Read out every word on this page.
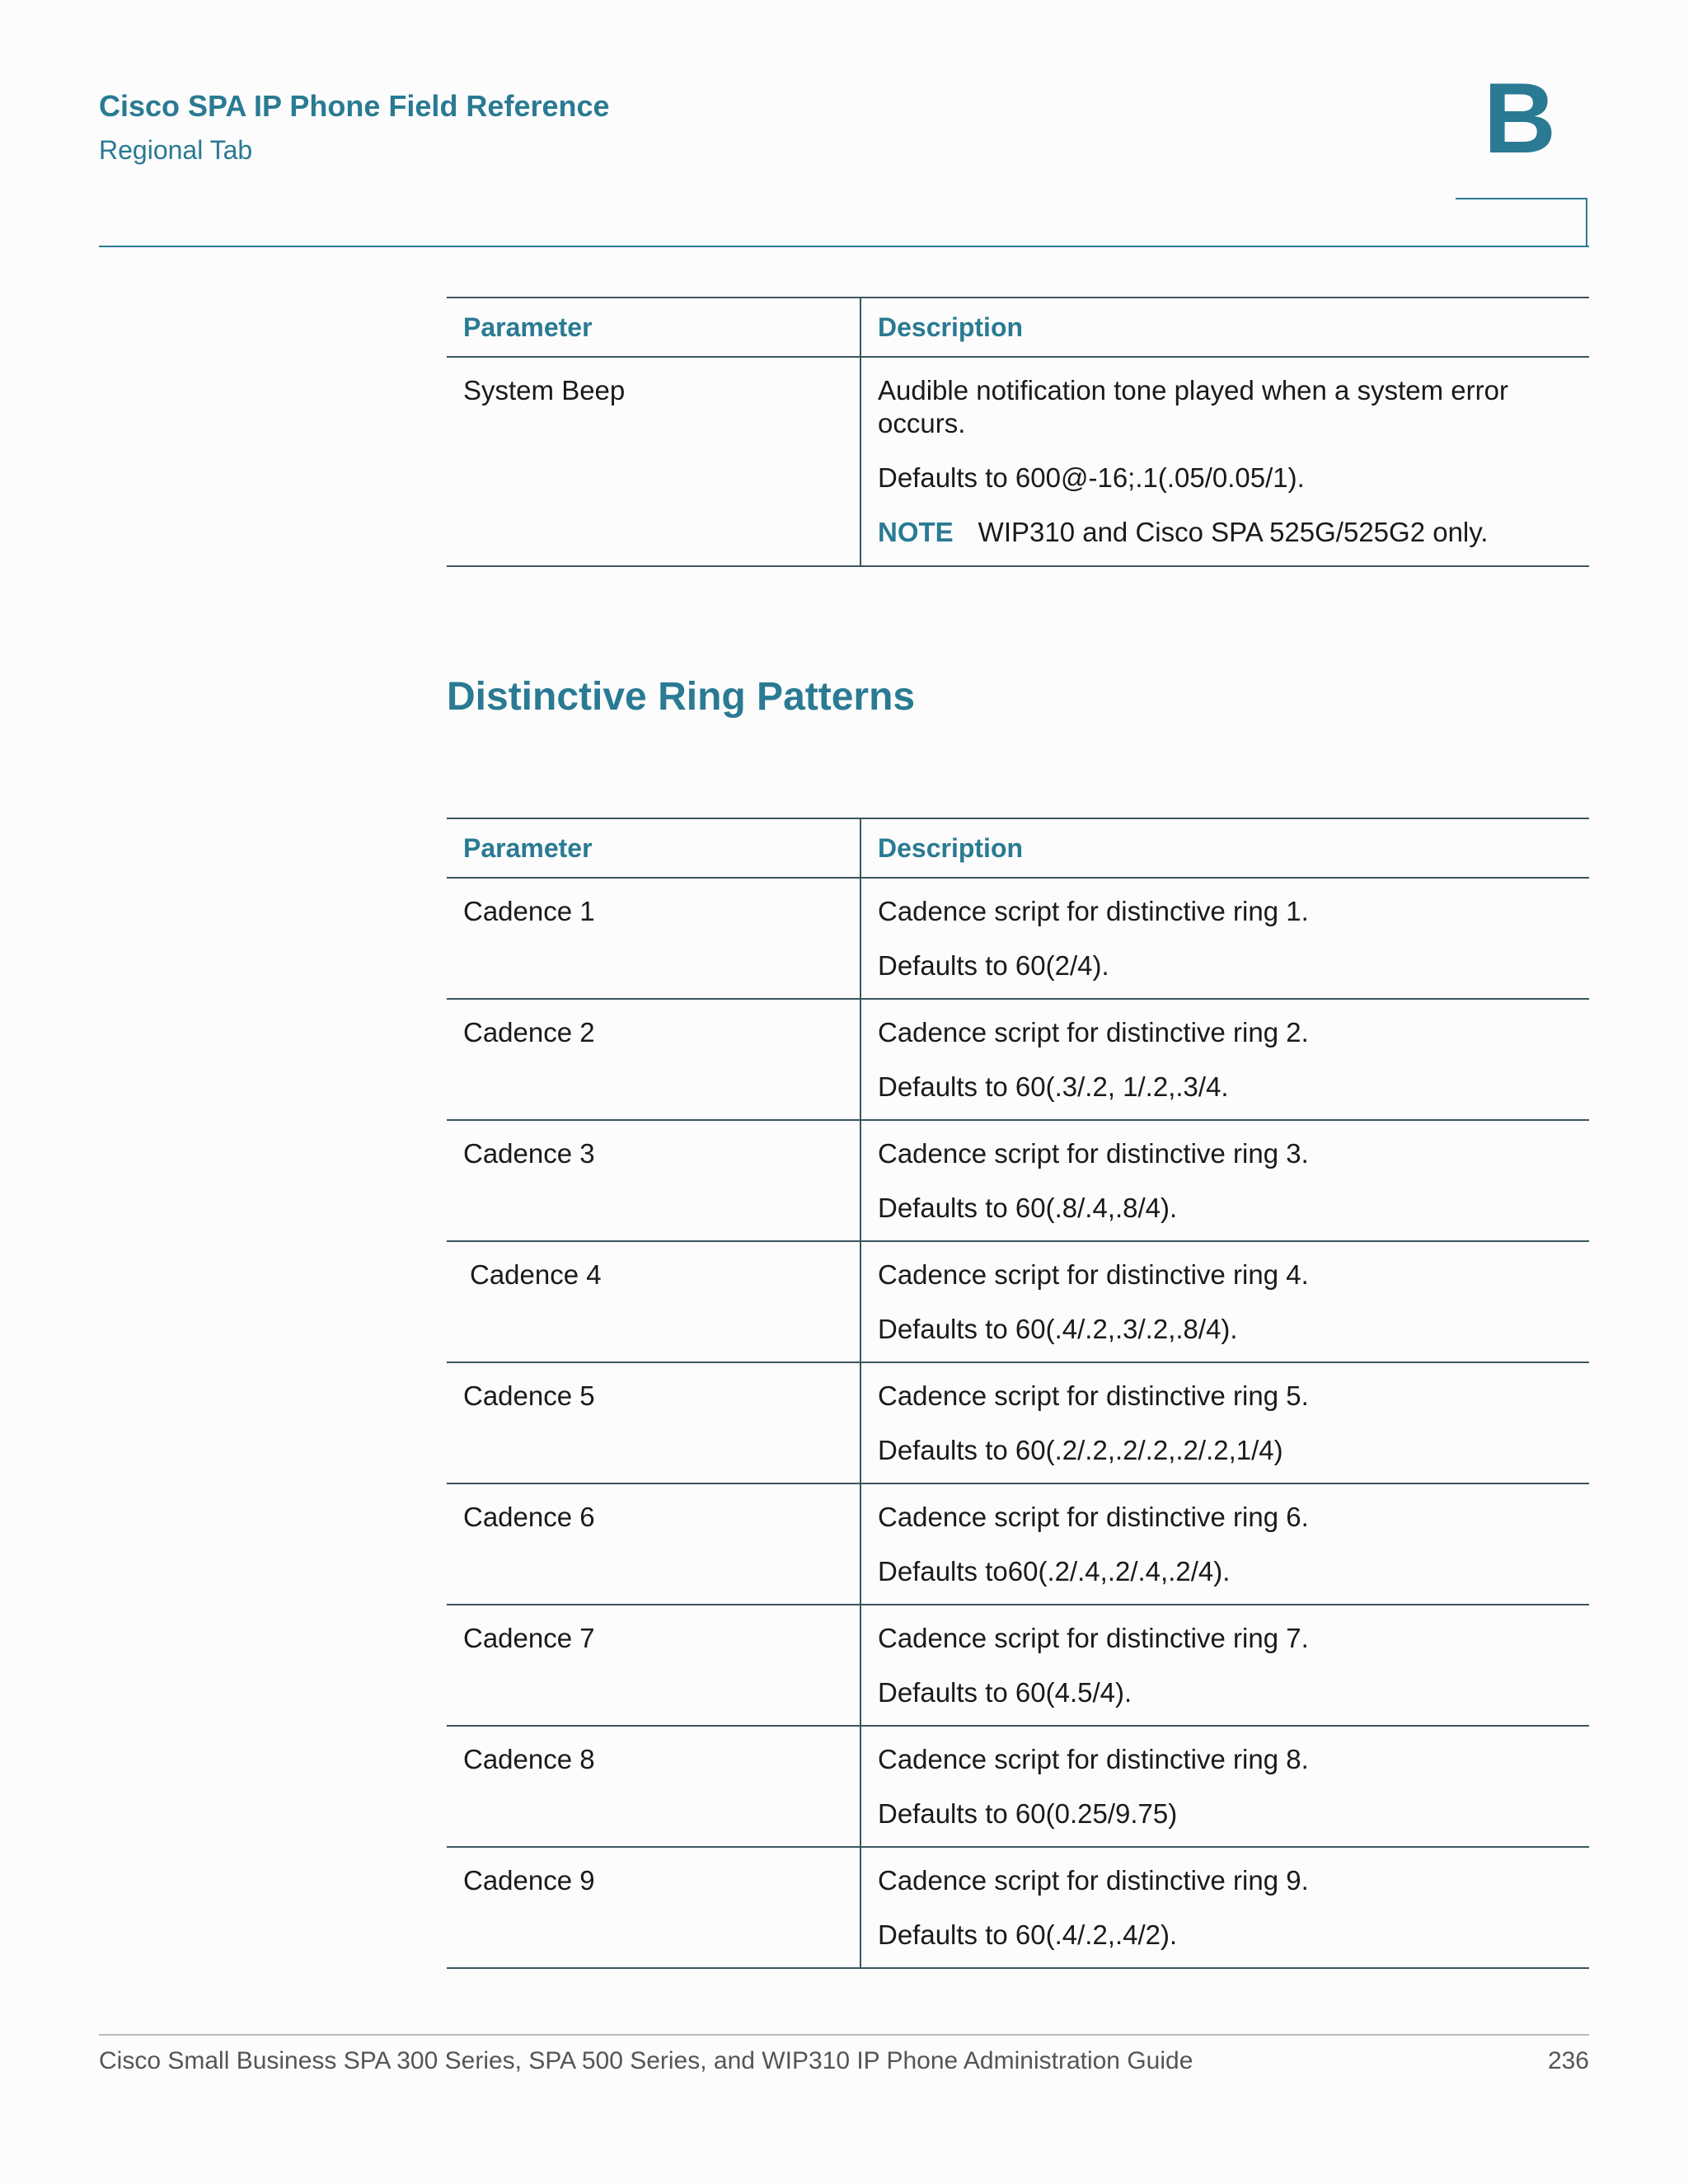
Cisco SPA IP Phone Field Reference
Regional Tab	B
Parameter	Description
System Beep	Audible notification tone played when a system error occurs.

Defaults to 600@-16;.1(.05/0.05/1).

NOTE WIP310 and Cisco SPA 525G/525G2 only.

Distinctive Ring Patterns
Parameter	Description
Cadence 1	Cadence script for distinctive ring 1.

Defaults to 60(2/4).

Cadence 2	Cadence script for distinctive ring 2.

Defaults to 60(.3/.2, 1/.2,.3/4.

Cadence 3	Cadence script for distinctive ring 3.

Defaults to 60(.8/.4,.8/4).

Cadence 4	Cadence script for distinctive ring 4.

Defaults to 60(.4/.2,.3/.2,.8/4).

Cadence 5	Cadence script for distinctive ring 5.

Defaults to 60(.2/.2,.2/.2,.2/.2,1/4)

Cadence 6	Cadence script for distinctive ring 6.

Defaults to60(.2/.4,.2/.4,.2/4).

Cadence 7	Cadence script for distinctive ring 7.

Defaults to 60(4.5/4).

Cadence 8	Cadence script for distinctive ring 8.

Defaults to 60(0.25/9.75)

Cadence 9	Cadence script for distinctive ring 9.

Defaults to 60(.4/.2,.4/2).

Cisco Small Business SPA 300 Series, SPA 500 Series, and WIP310 IP Phone Administration Guide	236
